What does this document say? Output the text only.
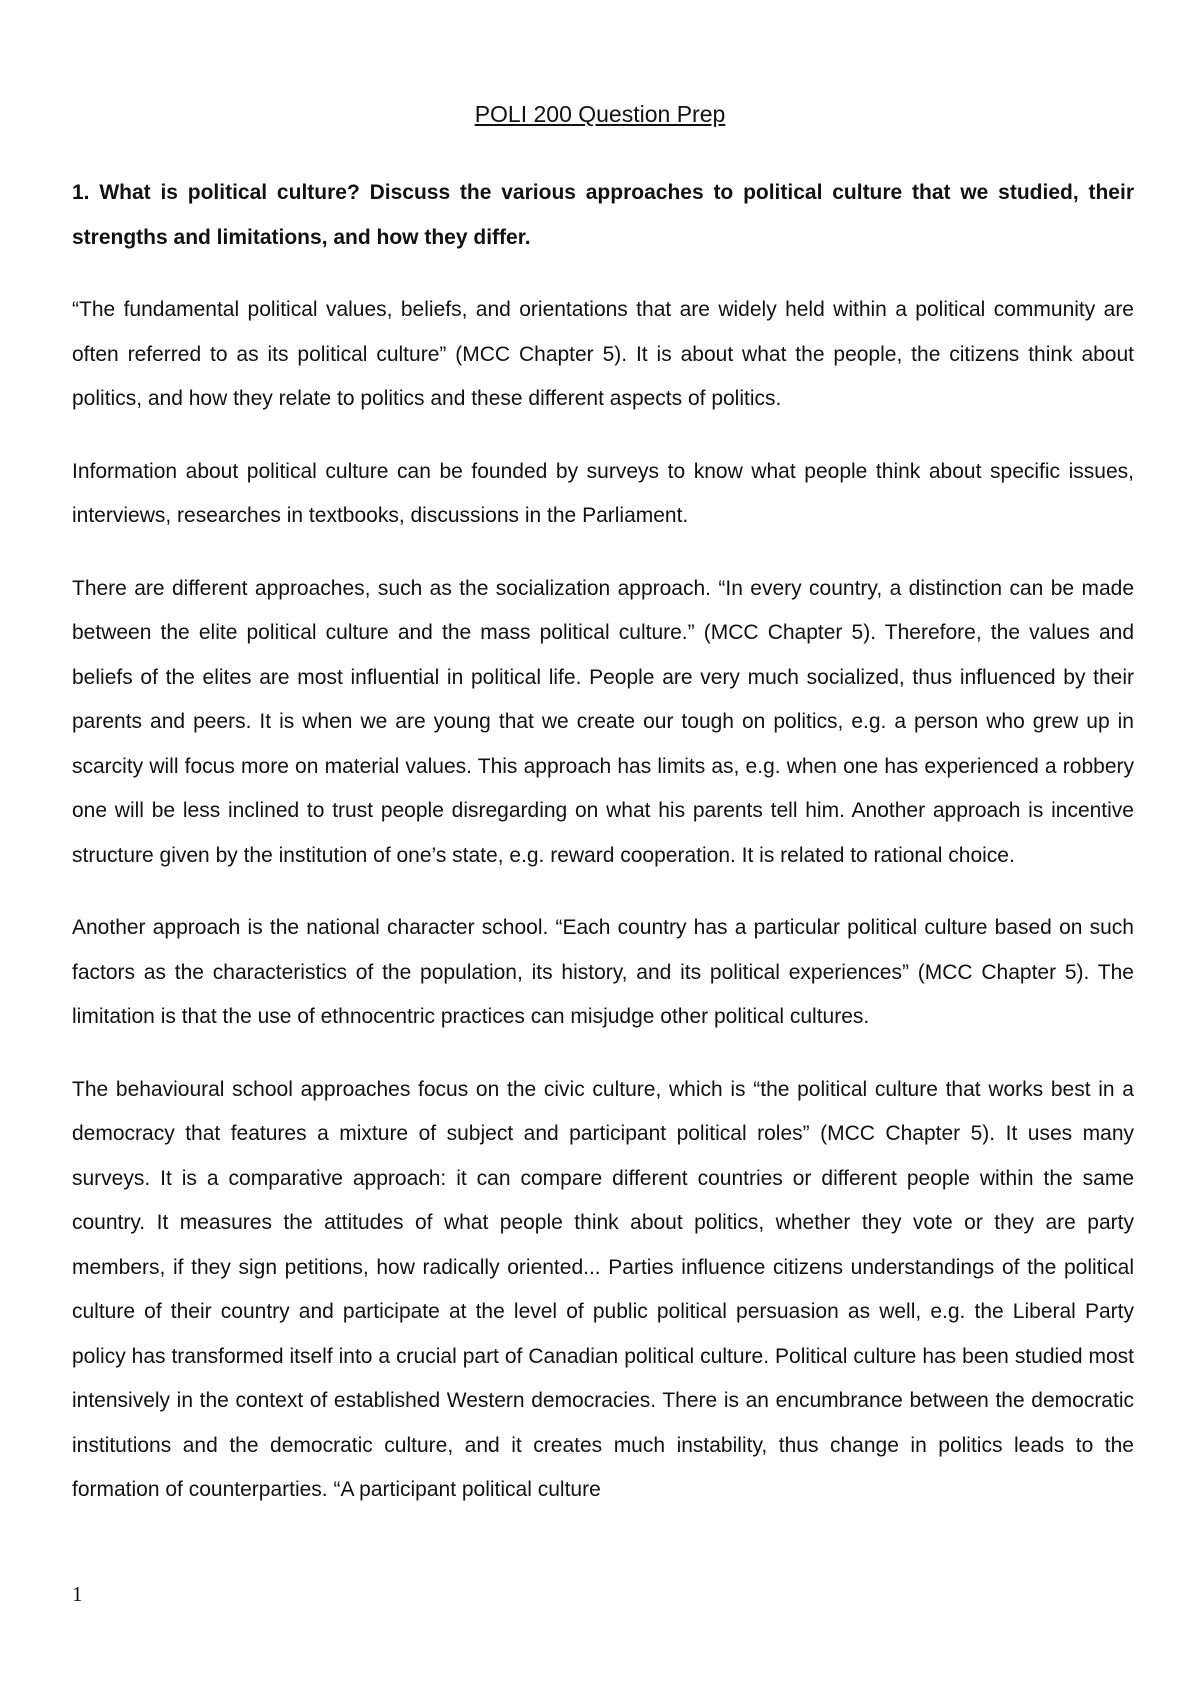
POLI 200 Question Prep

1. What is political culture? Discuss the various approaches to political culture that we studied, their strengths and limitations, and how they differ.

“The fundamental political values, beliefs, and orientations that are widely held within a political community are often referred to as its political culture” (MCC Chapter 5). It is about what the people, the citizens think about politics, and how they relate to politics and these different aspects of politics.

Information about political culture can be founded by surveys to know what people think about specific issues, interviews, researches in textbooks, discussions in the Parliament.

There are different approaches, such as the socialization approach. “In every country, a distinction can be made between the elite political culture and the mass political culture.” (MCC Chapter 5). Therefore, the values and beliefs of the elites are most influential in political life. People are very much socialized, thus influenced by their parents and peers. It is when we are young that we create our tough on politics, e.g. a person who grew up in scarcity will focus more on material values. This approach has limits as, e.g. when one has experienced a robbery one will be less inclined to trust people disregarding on what his parents tell him. Another approach is incentive structure given by the institution of one’s state, e.g. reward cooperation. It is related to rational choice.

Another approach is the national character school. “Each country has a particular political culture based on such factors as the characteristics of the population, its history, and its political experiences” (MCC Chapter 5). The limitation is that the use of ethnocentric practices can misjudge other political cultures.

The behavioural school approaches focus on the civic culture, which is “the political culture that works best in a democracy that features a mixture of subject and participant political roles” (MCC Chapter 5). It uses many surveys. It is a comparative approach: it can compare different countries or different people within the same country. It measures the attitudes of what people think about politics, whether they vote or they are party members, if they sign petitions, how radically oriented... Parties influence citizens understandings of the political culture of their country and participate at the level of public political persuasion as well, e.g. the Liberal Party policy has transformed itself into a crucial part of Canadian political culture. Political culture has been studied most intensively in the context of established Western democracies. There is an encumbrance between the democratic institutions and the democratic culture, and it creates much instability, thus change in politics leads to the formation of counterparties. “A participant political culture

1
